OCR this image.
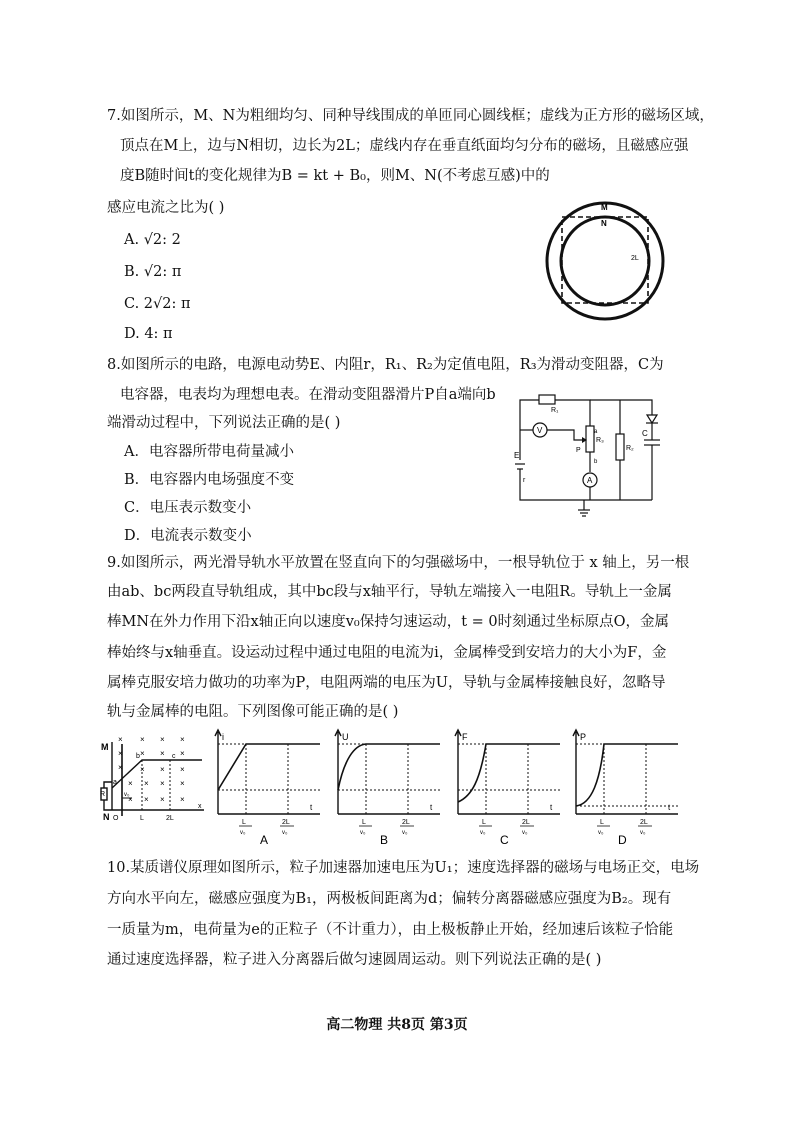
7.如图所示，M、N为粗细均匀、同种导线围成的单匝同心圆线框；虚线为正方形的磁场区域，
顶点在M上，边与N相切，边长为2L；虚线内存在垂直纸面均匀分布的磁场，且磁感应强
度B随时间t的变化规律为B = kt + B₀，则M、N(不考虑互感)中的
感应电流之比为( )
A. √2: 2
B. √2: π
C. 2√2: π
D. 4: π
M
N
2L
8.如图所示的电路，电源电动势E、内阻r，R₁、R₂为定值电阻，R₃为滑动变阻器，C为
电容器，电表均为理想电表。在滑动变阻器滑片P自a端向b
端滑动过程中，下列说法正确的是( )
A．电容器所带电荷量减小
B．电容器内电场强度不变
C．电压表示数变小
D．电流表示数变小
V
A
R₁
R₃
R₂
C
E
r
P
a
b
9.如图所示，两光滑导轨水平放置在竖直向下的匀强磁场中，一根导轨位于 x 轴上，另一根
由ab、bc两段直导轨组成，其中bc段与x轴平行，导轨左端接入一电阻R。导轨上一金属
棒MN在外力作用下沿x轴正向以速度v₀保持匀速运动，t = 0时刻通过坐标原点O，金属
棒始终与x轴垂直。设运动过程中通过电阻的电流为i，金属棒受到安培力的大小为F，金
属棒克服安培力做功的功率为P，电阻两端的电压为U，导轨与金属棒接触良好，忽略导
轨与金属棒的电阻。下列图像可能正确的是( )
M
N O
R
a
b	c
v₀
L	2L
x
× × × ×
× × × ×
× × × ×
× × × ×
× × × ×
i
t
L
v₀
2L
v₀
A
U
t
L
v₀
2L
v₀
B
F
t
L
v₀
2L
v₀
C
P
t
L
v₀
2L
v₀
D
10.某质谱仪原理如图所示，粒子加速器加速电压为U₁；速度选择器的磁场与电场正交，电场
方向水平向左，磁感应强度为B₁，两极板间距离为d；偏转分离器磁感应强度为B₂。现有
一质量为m，电荷量为e的正粒子（不计重力），由上极板静止开始，经加速后该粒子恰能
通过速度选择器，粒子进入分离器后做匀速圆周运动。则下列说法正确的是( )
高二物理 共8页 第3页
